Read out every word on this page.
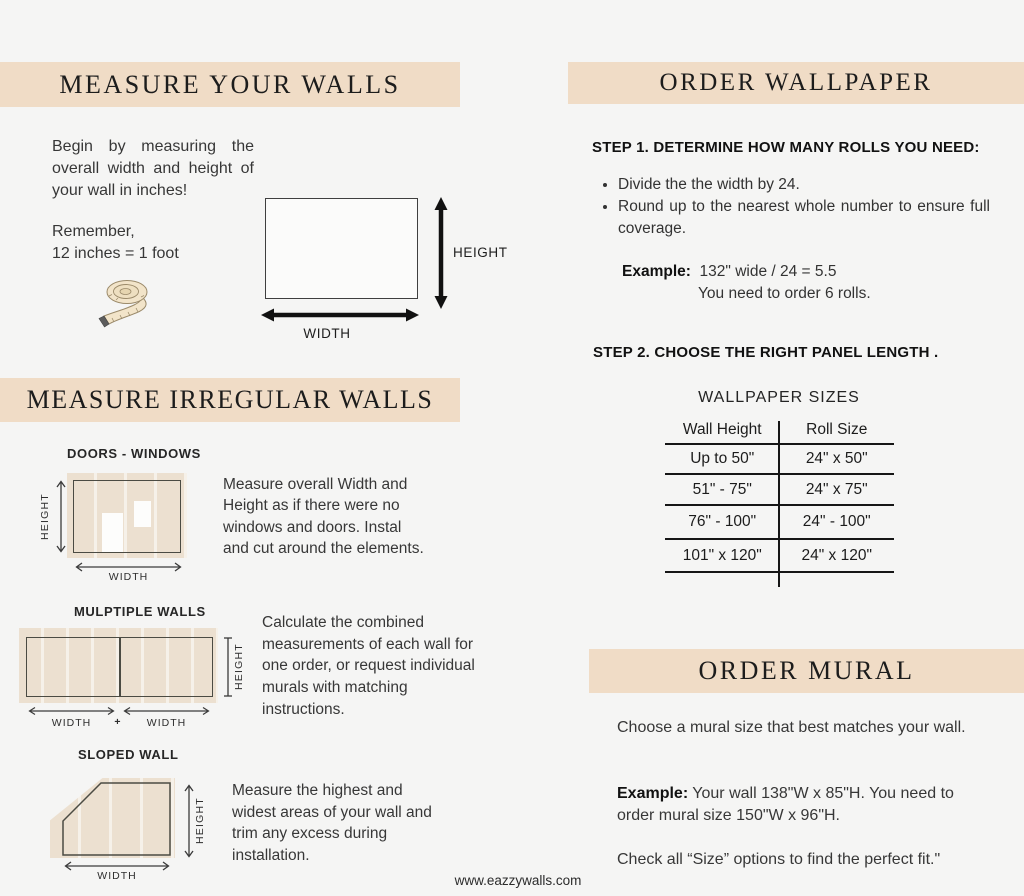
MEASURE YOUR WALLS
Begin by measuring the overall width and height of your wall in inches!
Remember,
12 inches = 1 foot	HEIGHT
WIDTH
MEASURE IRREGULAR WALLS
DOORS - WINDOWS
HEIGHT
WIDTH
Measure overall Width and Height as if there were no windows and doors. Instal and cut around the elements.
MULPTIPLE WALLS
HEIGHT
WIDTH	+	WIDTH
Calculate the combined measurements of each wall for one order, or request individual murals with matching instructions.
SLOPED WALL
HEIGHT
WIDTH
Measure the highest and widest areas of your wall and trim any excess during installation.
ORDER WALLPAPER
STEP 1. DETERMINE HOW MANY ROLLS YOU NEED:
• Divide the the width by 24.
• Round up to the nearest whole number to ensure full coverage.
Example: 132" wide / 24 = 5.5
You need to order 6 rolls.
STEP 2. CHOOSE THE RIGHT PANEL LENGTH .
WALLPAPER SIZES
Wall Height	Roll Size
Up to 50"	24" x 50"
51" - 75"	24" x 75"
76" - 100"	24" - 100"
101" x 120"	24" x 120"
ORDER MURAL
Choose a mural size that best matches your wall.
Example: Your wall 138"W x 85"H. You need to order mural size 150"W x 96"H.
Check all “Size” options to find the perfect fit."
www.eazzywalls.com
